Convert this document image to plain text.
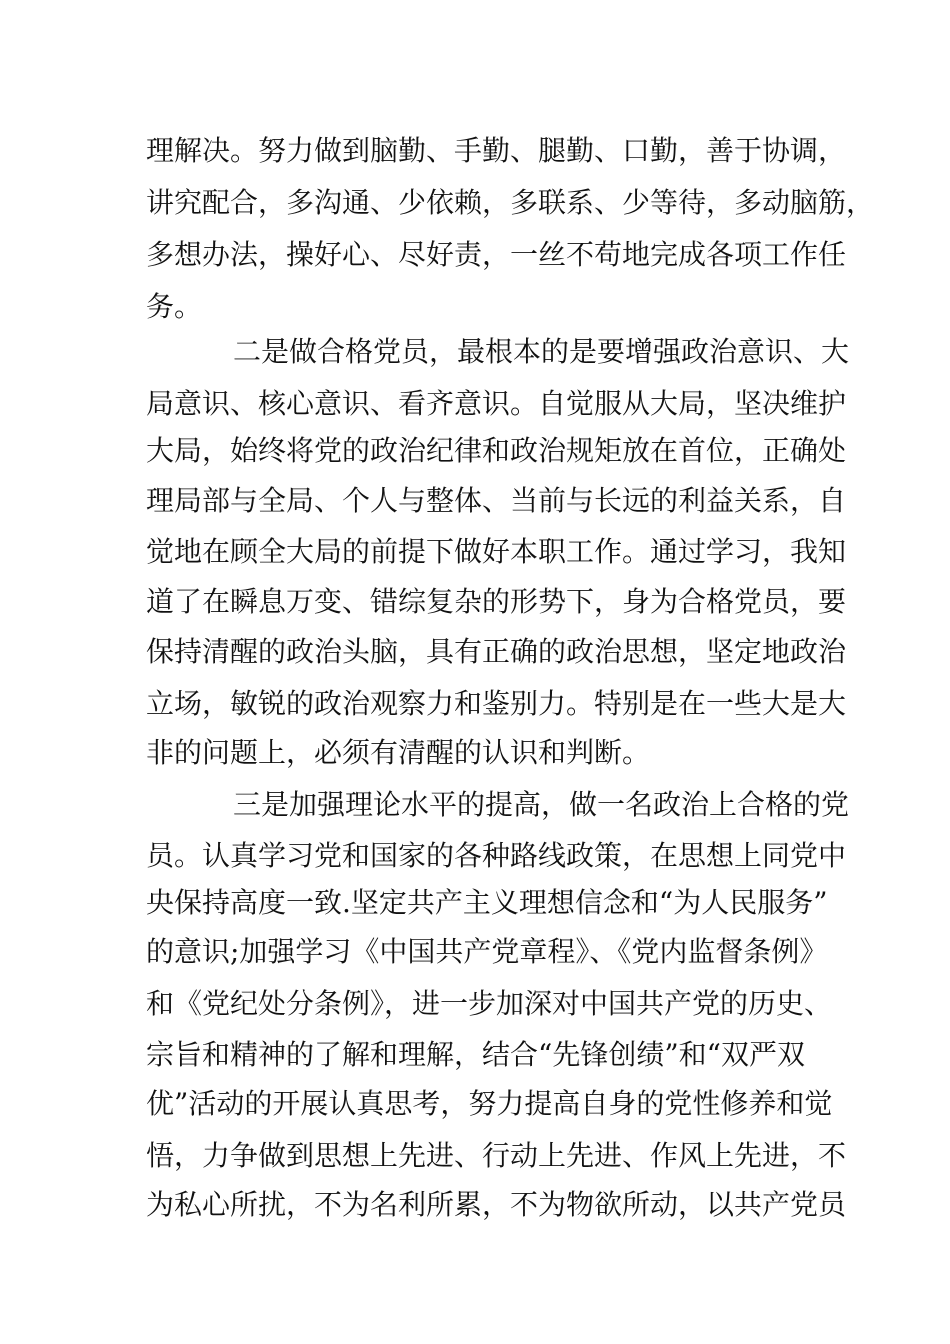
理解决。努力做到脑勤、手勤、腿勤、口勤，善于协调，
讲究配合，多沟通、少依赖，多联系、少等待，多动脑筋，
多想办法，操好心、尽好责，一丝不苟地完成各项工作任
务。
二是做合格党员，最根本的是要增强政治意识、大
局意识、核心意识、看齐意识。自觉服从大局，坚决维护
大局，始终将党的政治纪律和政治规矩放在首位，正确处
理局部与全局、个人与整体、当前与长远的利益关系，自
觉地在顾全大局的前提下做好本职工作。通过学习，我知
道了在瞬息万变、错综复杂的形势下，身为合格党员，要
保持清醒的政治头脑，具有正确的政治思想，坚定地政治
立场，敏锐的政治观察力和鉴别力。特别是在一些大是大
非的问题上，必须有清醒的认识和判断。
三是加强理论水平的提高，做一名政治上合格的党
员。认真学习党和国家的各种路线政策，在思想上同党中
央保持高度一致.坚定共产主义理想信念和“为人民服务”
的意识;加强学习《中国共产党章程》、《党内监督条例》
和《党纪处分条例》，进一步加深对中国共产党的历史、
宗旨和精神的了解和理解，结合“先锋创绩”和“双严双
优”活动的开展认真思考，努力提高自身的党性修养和觉
悟，力争做到思想上先进、行动上先进、作风上先进，不
为私心所扰，不为名利所累，不为物欲所动，以共产党员
